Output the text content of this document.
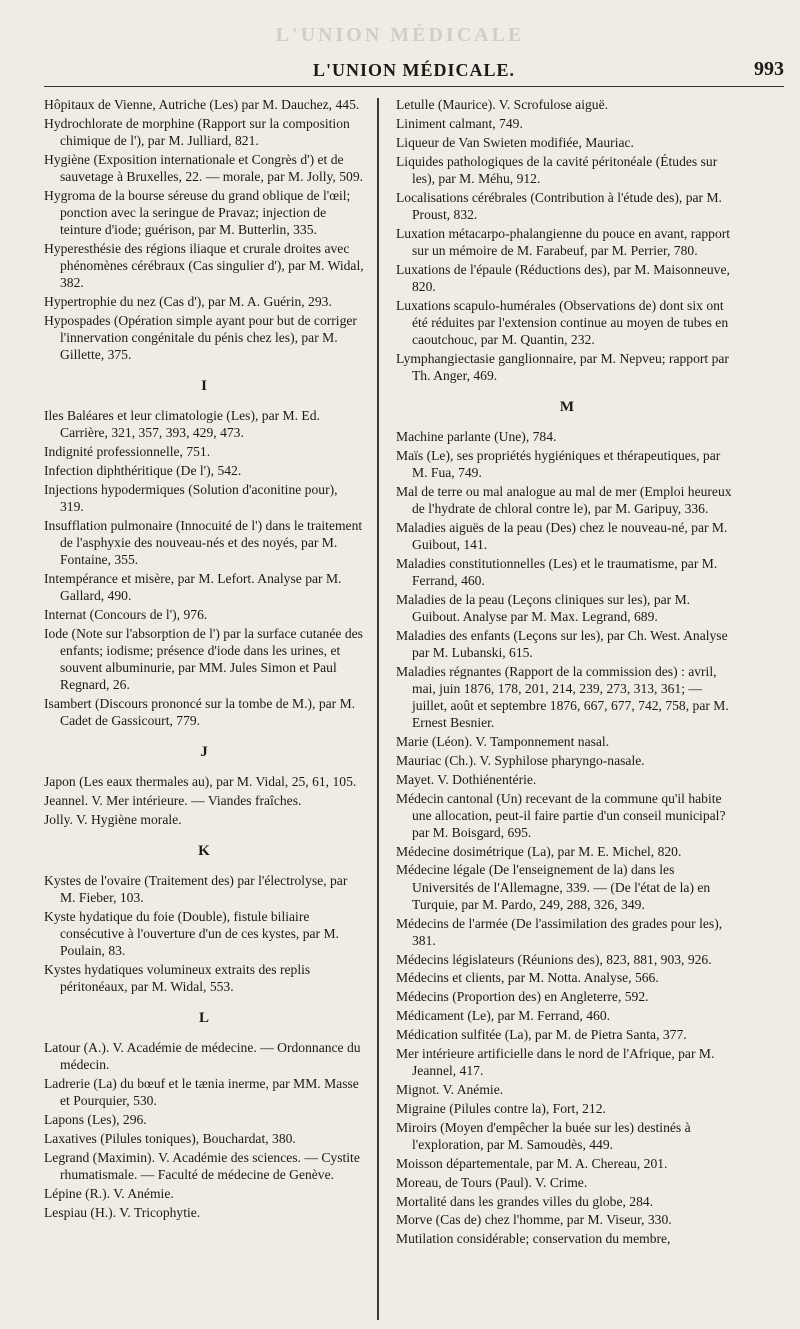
L'UNION MÉDICALE
L'UNION MÉDICALE.	993
Hôpitaux de Vienne, Autriche (Les) par M. Dauchez, 445.
Hydrochlorate de morphine (Rapport sur la composition chimique de l'), par M. Julliard, 821.
Hygiène (Exposition internationale et Congrès d') et de sauvetage à Bruxelles, 22. — morale, par M. Jolly, 509.
Hygroma de la bourse séreuse du grand oblique de l'œil; ponction avec la seringue de Pravaz; injection de teinture d'iode; guérison, par M. Butterlin, 335.
Hyperesthésie des régions iliaque et crurale droites avec phénomènes cérébraux (Cas singulier d'), par M. Widal, 382.
Hypertrophie du nez (Cas d'), par M. A. Guérin, 293.
Hypospades (Opération simple ayant pour but de corriger l'innervation congénitale du pénis chez les), par M. Gillette, 375.
I
Iles Baléares et leur climatologie (Les), par M. Ed. Carrière, 321, 357, 393, 429, 473.
Indignité professionnelle, 751.
Infection diphthéritique (De l'), 542.
Injections hypodermiques (Solution d'aconitine pour), 319.
Insufflation pulmonaire (Innocuité de l') dans le traitement de l'asphyxie des nouveau-nés et des noyés, par M. Fontaine, 355.
Intempérance et misère, par M. Lefort. Analyse par M. Gallard, 490.
Internat (Concours de l'), 976.
Iode (Note sur l'absorption de l') par la surface cutanée des enfants; iodisme; présence d'iode dans les urines, et souvent albuminurie, par MM. Jules Simon et Paul Regnard, 26.
Isambert (Discours prononcé sur la tombe de M.), par M. Cadet de Gassicourt, 779.
J
Japon (Les eaux thermales au), par M. Vidal, 25, 61, 105.
Jeannel. V. Mer intérieure. — Viandes fraîches.
Jolly. V. Hygiène morale.
K
Kystes de l'ovaire (Traitement des) par l'électrolyse, par M. Fieber, 103.
Kyste hydatique du foie (Double), fistule biliaire consécutive à l'ouverture d'un de ces kystes, par M. Poulain, 83.
Kystes hydatiques volumineux extraits des replis péritonéaux, par M. Widal, 553.
L
Latour (A.). V. Académie de médecine. — Ordonnance du médecin.
Ladrerie (La) du bœuf et le tænia inerme, par MM. Masse et Pourquier, 530.
Lapons (Les), 296.
Laxatives (Pilules toniques), Bouchardat, 380.
Legrand (Maximin). V. Académie des sciences. — Cystite rhumatismale. — Faculté de médecine de Genève.
Lépine (R.). V. Anémie.
Lespiau (H.). V. Tricophytie.
Letulle (Maurice). V. Scrofulose aiguë.
Liniment calmant, 749.
Liqueur de Van Swieten modifiée, Mauriac.
Liquides pathologiques de la cavité péritonéale (Études sur les), par M. Méhu, 912.
Localisations cérébrales (Contribution à l'étude des), par M. Proust, 832.
Luxation métacarpo-phalangienne du pouce en avant, rapport sur un mémoire de M. Farabeuf, par M. Perrier, 780.
Luxations de l'épaule (Réductions des), par M. Maisonneuve, 820.
Luxations scapulo-humérales (Observations de) dont six ont été réduites par l'extension continue au moyen de tubes en caoutchouc, par M. Quantin, 232.
Lymphangiectasie ganglionnaire, par M. Nepveu; rapport par Th. Anger, 469.
M
Machine parlante (Une), 784.
Maïs (Le), ses propriétés hygiéniques et thérapeutiques, par M. Fua, 749.
Mal de terre ou mal analogue au mal de mer (Emploi heureux de l'hydrate de chloral contre le), par M. Garipuy, 336.
Maladies aiguës de la peau (Des) chez le nouveau-né, par M. Guibout, 141.
Maladies constitutionnelles (Les) et le traumatisme, par M. Ferrand, 460.
Maladies de la peau (Leçons cliniques sur les), par M. Guibout. Analyse par M. Max. Legrand, 689.
Maladies des enfants (Leçons sur les), par Ch. West. Analyse par M. Lubanski, 615.
Maladies régnantes (Rapport de la commission des) : avril, mai, juin 1876, 178, 201, 214, 239, 273, 313, 361; — juillet, août et septembre 1876, 667, 677, 742, 758, par M. Ernest Besnier.
Marie (Léon). V. Tamponnement nasal.
Mauriac (Ch.). V. Syphilose pharyngo-nasale.
Mayet. V. Dothiénentérie.
Médecin cantonal (Un) recevant de la commune qu'il habite une allocation, peut-il faire partie d'un conseil municipal? par M. Boisgard, 695.
Médecine dosimétrique (La), par M. E. Michel, 820.
Médecine légale (De l'enseignement de la) dans les Universités de l'Allemagne, 339. — (De l'état de la) en Turquie, par M. Pardo, 249, 288, 326, 349.
Médecins de l'armée (De l'assimilation des grades pour les), 381.
Médecins législateurs (Réunions des), 823, 881, 903, 926.
Médecins et clients, par M. Notta. Analyse, 566.
Médecins (Proportion des) en Angleterre, 592.
Médicament (Le), par M. Ferrand, 460.
Médication sulfitée (La), par M. de Pietra Santa, 377.
Mer intérieure artificielle dans le nord de l'Afrique, par M. Jeannel, 417.
Mignot. V. Anémie.
Migraine (Pilules contre la), Fort, 212.
Miroirs (Moyen d'empêcher la buée sur les) destinés à l'exploration, par M. Samoudès, 449.
Moisson départementale, par M. A. Chereau, 201.
Moreau, de Tours (Paul). V. Crime.
Mortalité dans les grandes villes du globe, 284.
Morve (Cas de) chez l'homme, par M. Viseur, 330.
Mutilation considérable; conservation du membre,
